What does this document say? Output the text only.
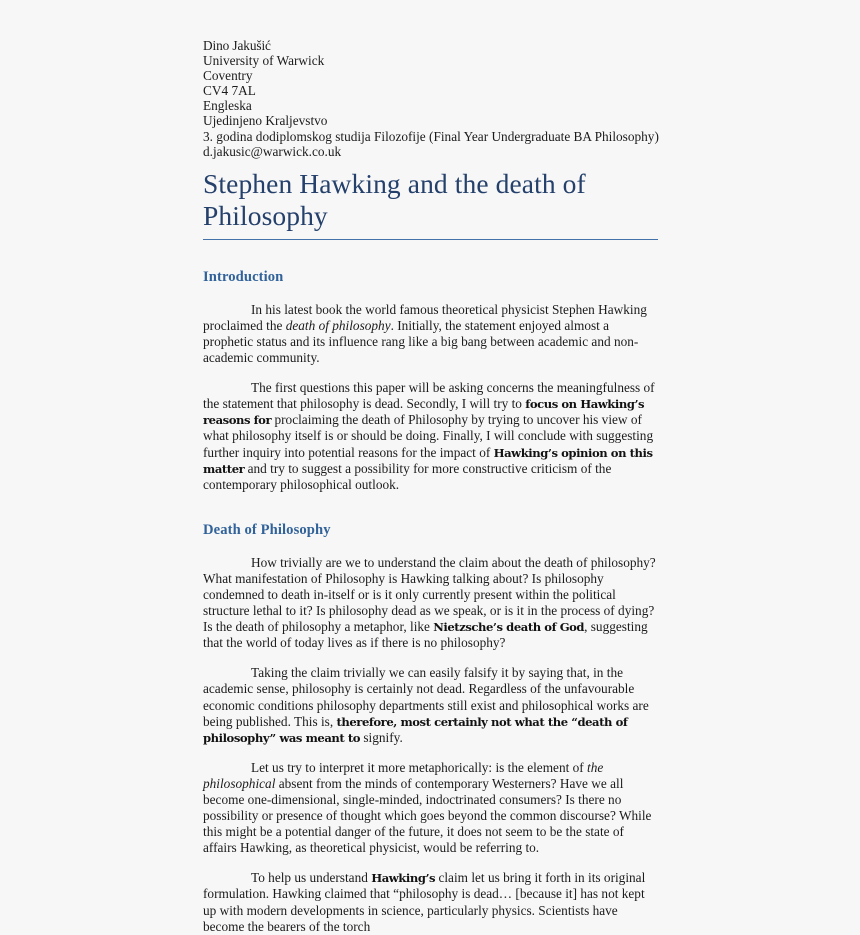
Dino Jakušić
University of Warwick
Coventry
CV4 7AL
Engleska
Ujedinjeno Kraljevstvo
3. godina dodiplomskog studija Filozofije (Final Year Undergraduate BA Philosophy)
d.jakusic@warwick.co.uk
Stephen Hawking and the death of Philosophy
Introduction

In his latest book the world famous theoretical physicist Stephen Hawking proclaimed the death of philosophy. Initially, the statement enjoyed almost a prophetic status and its influence rang like a big bang between academic and non-academic community.

The first questions this paper will be asking concerns the meaningfulness of the statement that philosophy is dead. Secondly, I will try to focus on Hawking’s reasons for proclaiming the death of Philosophy by trying to uncover his view of what philosophy itself is or should be doing. Finally, I will conclude with suggesting further inquiry into potential reasons for the impact of Hawking’s opinion on this matter and try to suggest a possibility for more constructive criticism of the contemporary philosophical outlook.

Death of Philosophy

How trivially are we to understand the claim about the death of philosophy? What manifestation of Philosophy is Hawking talking about? Is philosophy condemned to death in-itself or is it only currently present within the political structure lethal to it? Is philosophy dead as we speak, or is it in the process of dying? Is the death of philosophy a metaphor, like Nietzsche’s death of God, suggesting that the world of today lives as if there is no philosophy?

Taking the claim trivially we can easily falsify it by saying that, in the academic sense, philosophy is certainly not dead. Regardless of the unfavourable economic conditions philosophy departments still exist and philosophical works are being published. This is, therefore, most certainly not what the “death of philosophy” was meant to signify.

Let us try to interpret it more metaphorically: is the element of the philosophical absent from the minds of contemporary Westerners? Have we all become one-dimensional, single-minded, indoctrinated consumers? Is there no possibility or presence of thought which goes beyond the common discourse? While this might be a potential danger of the future, it does not seem to be the state of affairs Hawking, as theoretical physicist, would be referring to.

To help us understand Hawking’s claim let us bring it forth in its original formulation. Hawking claimed that “philosophy is dead… [because it] has not kept up with modern developments in science, particularly physics. Scientists have become the bearers of the torch
